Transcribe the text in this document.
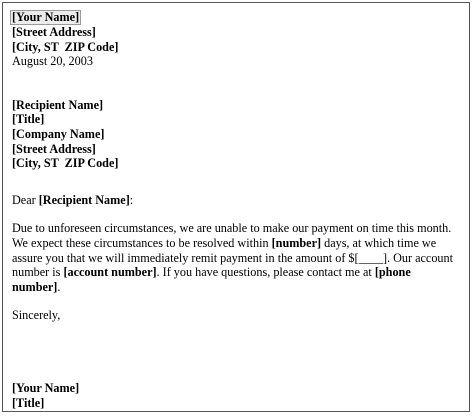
[Your Name]

[Street Address]

[City, ST  ZIP Code]

August 20, 2003

[Recipient Name]

[Title]

[Company Name]

[Street Address]

[City, ST  ZIP Code]

Dear [Recipient Name]:

Due to unforeseen circumstances, we are unable to make our payment on time this month. We expect these circumstances to be resolved within [number] days, at which time we assure you that we will immediately remit payment in the amount of $[____]. Our account number is [account number]. If you have questions, please contact me at [phone number].

Sincerely,

[Your Name]

[Title]
